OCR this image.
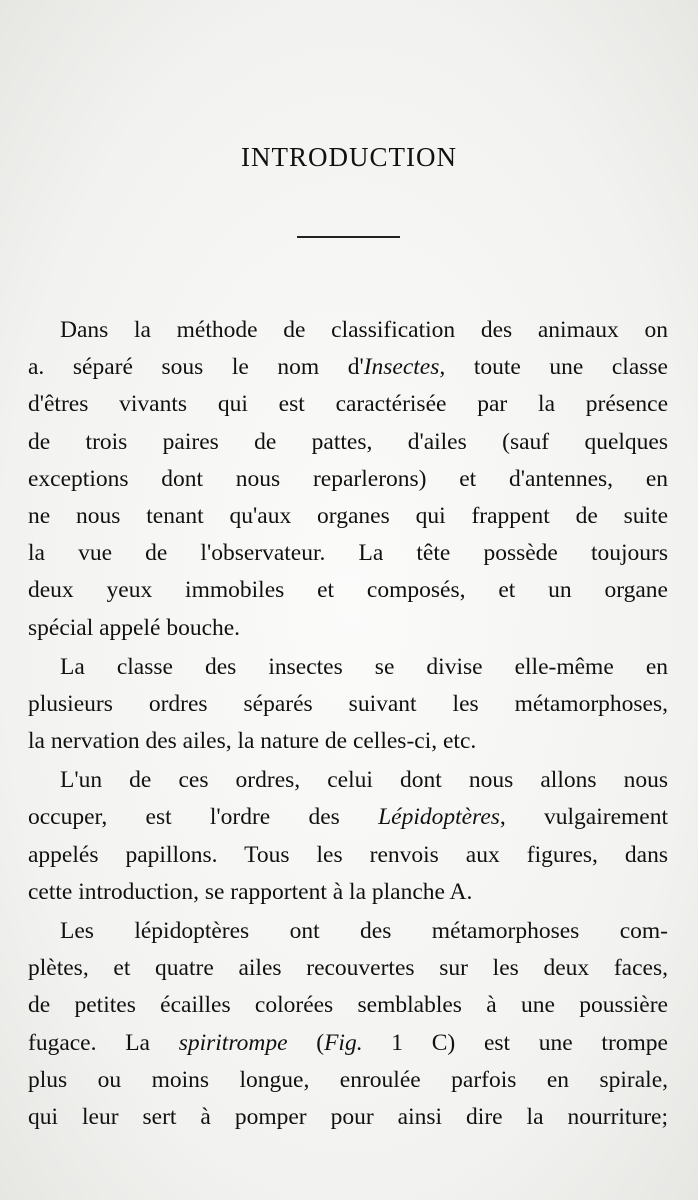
INTRODUCTION
Dans la méthode de classification des animaux on
a. séparé sous le nom d'Insectes, toute une classe
d'êtres vivants qui est caractérisée par la présence
de trois paires de pattes, d'ailes (sauf quelques
exceptions dont nous reparlerons) et d'antennes, en
ne nous tenant qu'aux organes qui frappent de suite
la vue de l'observateur. La tête possède toujours
deux yeux immobiles et composés, et un organe
spécial appelé bouche.
La classe des insectes se divise elle-même en
plusieurs ordres séparés suivant les métamorphoses,
la nervation des ailes, la nature de celles-ci, etc.
L'un de ces ordres, celui dont nous allons nous
occuper, est l'ordre des Lépidoptères, vulgairement
appelés papillons. Tous les renvois aux figures, dans
cette introduction, se rapportent à la planche A.
Les lépidoptères ont des métamorphoses com-
plètes, et quatre ailes recouvertes sur les deux faces,
de petites écailles colorées semblables à une poussière
fugace. La spiritrompe (Fig. 1 C) est une trompe
plus ou moins longue, enroulée parfois en spirale,
qui leur sert à pomper pour ainsi dire la nourriture;
